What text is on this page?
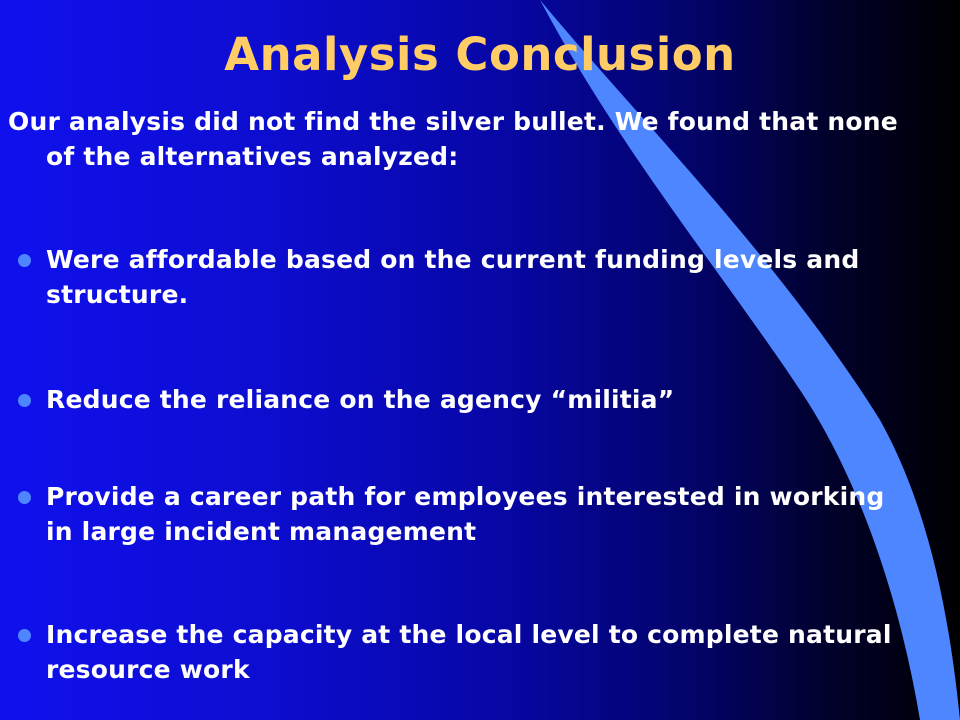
Analysis Conclusion
Our analysis did not find the silver bullet. We found that none of the alternatives analyzed:
Were affordable based on the current funding levels and structure.
Reduce the reliance on the agency “militia”
Provide a career path for employees interested in working in large incident management
Increase the capacity at the local level to complete natural resource work
